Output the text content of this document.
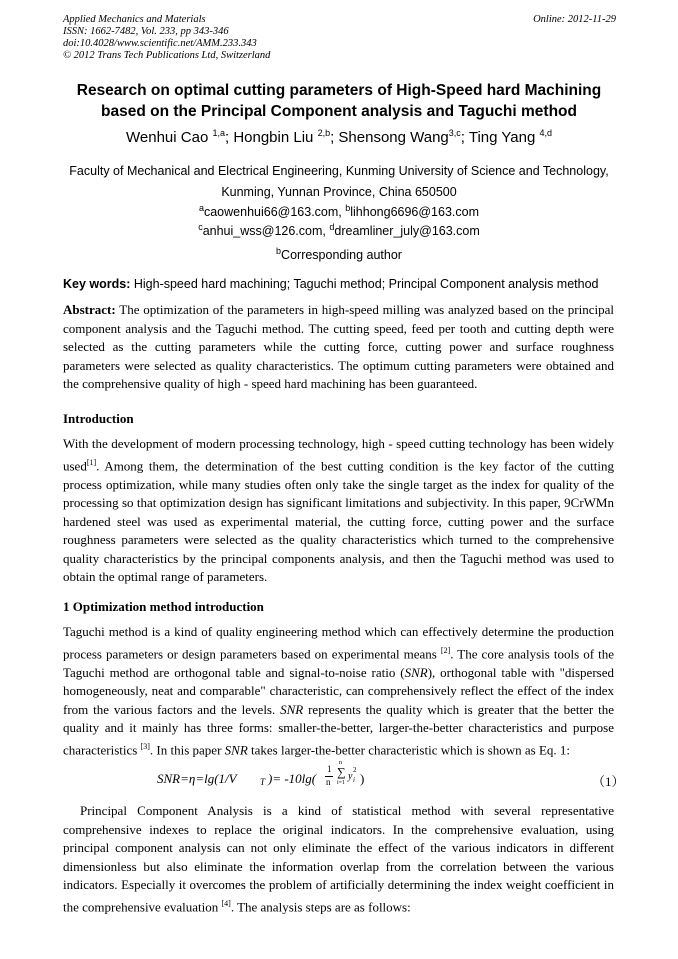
Applied Mechanics and Materials
ISSN: 1662-7482, Vol. 233, pp 343-346
doi:10.4028/www.scientific.net/AMM.233.343
© 2012 Trans Tech Publications Ltd, Switzerland
Online: 2012-11-29
Research on optimal cutting parameters of High-Speed hard Machining
based on the Principal Component analysis and Taguchi method
Wenhui Cao $^{1,a}$; Hongbin Liu $^{2,b}$; Shensong Wang$^{3,c}$; Ting Yang $^{4,d}$
Faculty of Mechanical and Electrical Engineering, Kunming University of Science and Technology,
Kunming, Yunnan Province, China 650500
$^a$caowenhui66@163.com, $^b$lihhong6696@163.com
$^c$anhui_wss@126.com, $^d$dreamliner_july@163.com
$^b$Corresponding author
Key words: High-speed hard machining; Taguchi method; Principal Component analysis method
Abstract: The optimization of the parameters in high-speed milling was analyzed based on the principal component analysis and the Taguchi method. The cutting speed, feed per tooth and cutting depth were selected as the cutting parameters while the cutting force, cutting power and surface roughness parameters were selected as quality characteristics. The optimum cutting parameters were obtained and the comprehensive quality of high - speed hard machining has been guaranteed.
Introduction
With the development of modern processing technology, high - speed cutting technology has been widely used[1]. Among them, the determination of the best cutting condition is the key factor of the cutting process optimization, while many studies often only take the single target as the index for quality of the processing so that optimization design has significant limitations and subjectivity. In this paper, 9CrWMn hardened steel was used as experimental material, the cutting force, cutting power and the surface roughness parameters were selected as the quality characteristics which turned to the comprehensive quality characteristics by the principal components analysis, and then the Taguchi method was used to obtain the optimal range of parameters.
1 Optimization method introduction
Taguchi method is a kind of quality engineering method which can effectively determine the production process parameters or design parameters based on experimental means [2]. The core analysis tools of the Taguchi method are orthogonal table and signal-to-noise ratio (SNR), orthogonal table with "dispersed homogeneously, neat and comparable" characteristic, can comprehensively reflect the effect of the index from the various factors and the levels. SNR represents the quality which is greater that the better the quality and it mainly has three forms: smaller-the-better, larger-the-better characteristics and purpose characteristics [3]. In this paper SNR takes larger-the-better characteristic which is shown as Eq. 1:
SNR=η=lg(1/V	T )= -10lg(
1
n
n
∑
i=1
y
2
i )	（1）
Principal Component Analysis is a kind of statistical method with several representative comprehensive indexes to replace the original indicators. In the comprehensive evaluation, using principal component analysis can not only eliminate the effect of the various indicators in different dimensionless but also eliminate the information overlap from the correlation between the various indicators. Especially it overcomes the problem of artificially determining the index weight coefficient in the comprehensive evaluation [4]. The analysis steps are as follows:
